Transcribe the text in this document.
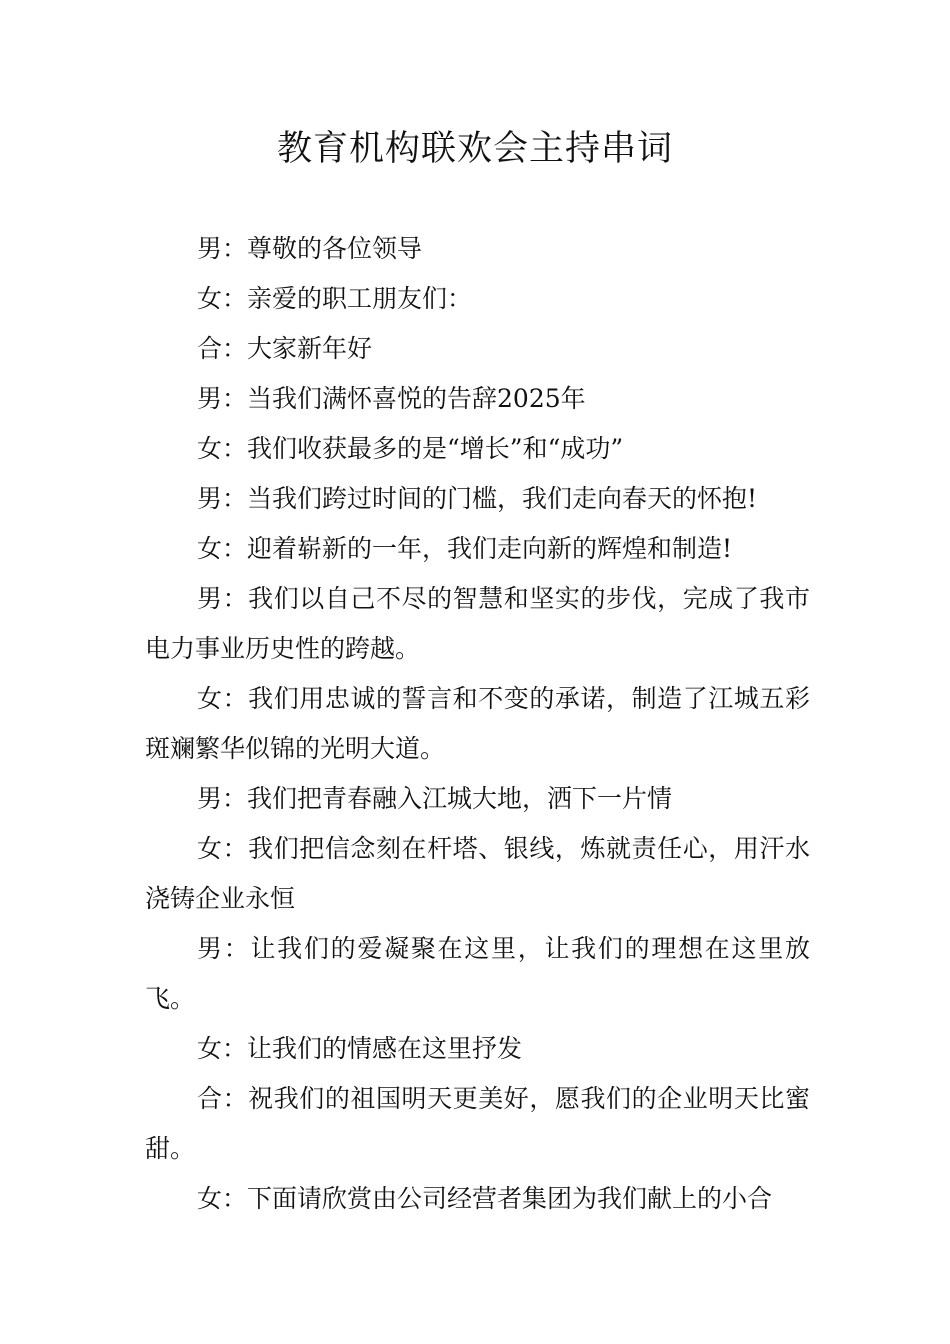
教育机构联欢会主持串词

男：尊敬的各位领导

女：亲爱的职工朋友们：

合：大家新年好

男：当我们满怀喜悦的告辞2025年

女：我们收获最多的是“增长”和“成功”

男：当我们跨过时间的门槛，我们走向春天的怀抱!

女：迎着崭新的一年，我们走向新的辉煌和制造!

男：我们以自己不尽的智慧和坚实的步伐，完成了我市电力事业历史性的跨越。

女：我们用忠诚的誓言和不变的承诺，制造了江城五彩斑斓繁华似锦的光明大道。

男：我们把青春融入江城大地，洒下一片情

女：我们把信念刻在杆塔、银线，炼就责任心，用汗水浇铸企业永恒

男：让我们的爱凝聚在这里，让我们的理想在这里放飞。

女：让我们的情感在这里抒发

合：祝我们的祖国明天更美好，愿我们的企业明天比蜜甜。

女：下面请欣赏由公司经营者集团为我们献上的小合
